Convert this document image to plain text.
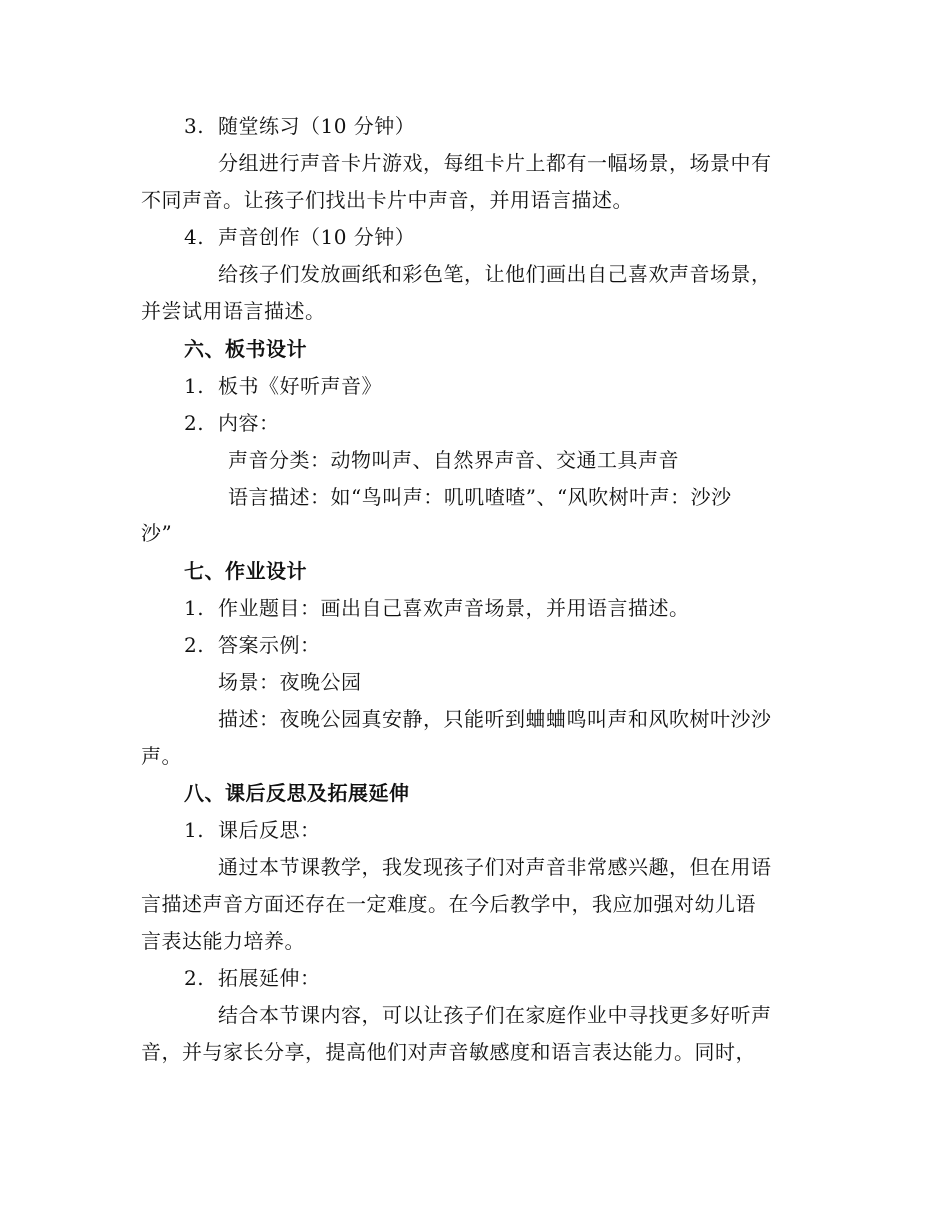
3. 随堂练习（10 分钟）
分组进行声音卡片游戏，每组卡片上都有一幅场景，场景中有
不同声音。让孩子们找出卡片中声音，并用语言描述。
4. 声音创作（10 分钟）
给孩子们发放画纸和彩色笔，让他们画出自己喜欢声音场景，
并尝试用语言描述。
六、板书设计
1. 板书《好听声音》
2. 内容：
声音分类：动物叫声、自然界声音、交通工具声音
语言描述：如“鸟叫声：叽叽喳喳”、“风吹树叶声：沙沙
沙”
七、作业设计
1. 作业题目：画出自己喜欢声音场景，并用语言描述。
2. 答案示例：
场景：夜晚公园
描述：夜晚公园真安静，只能听到蛐蛐鸣叫声和风吹树叶沙沙
声。
八、课后反思及拓展延伸
1. 课后反思：
通过本节课教学，我发现孩子们对声音非常感兴趣，但在用语
言描述声音方面还存在一定难度。在今后教学中，我应加强对幼儿语
言表达能力培养。
2. 拓展延伸：
结合本节课内容，可以让孩子们在家庭作业中寻找更多好听声
音，并与家长分享，提高他们对声音敏感度和语言表达能力。同时，
